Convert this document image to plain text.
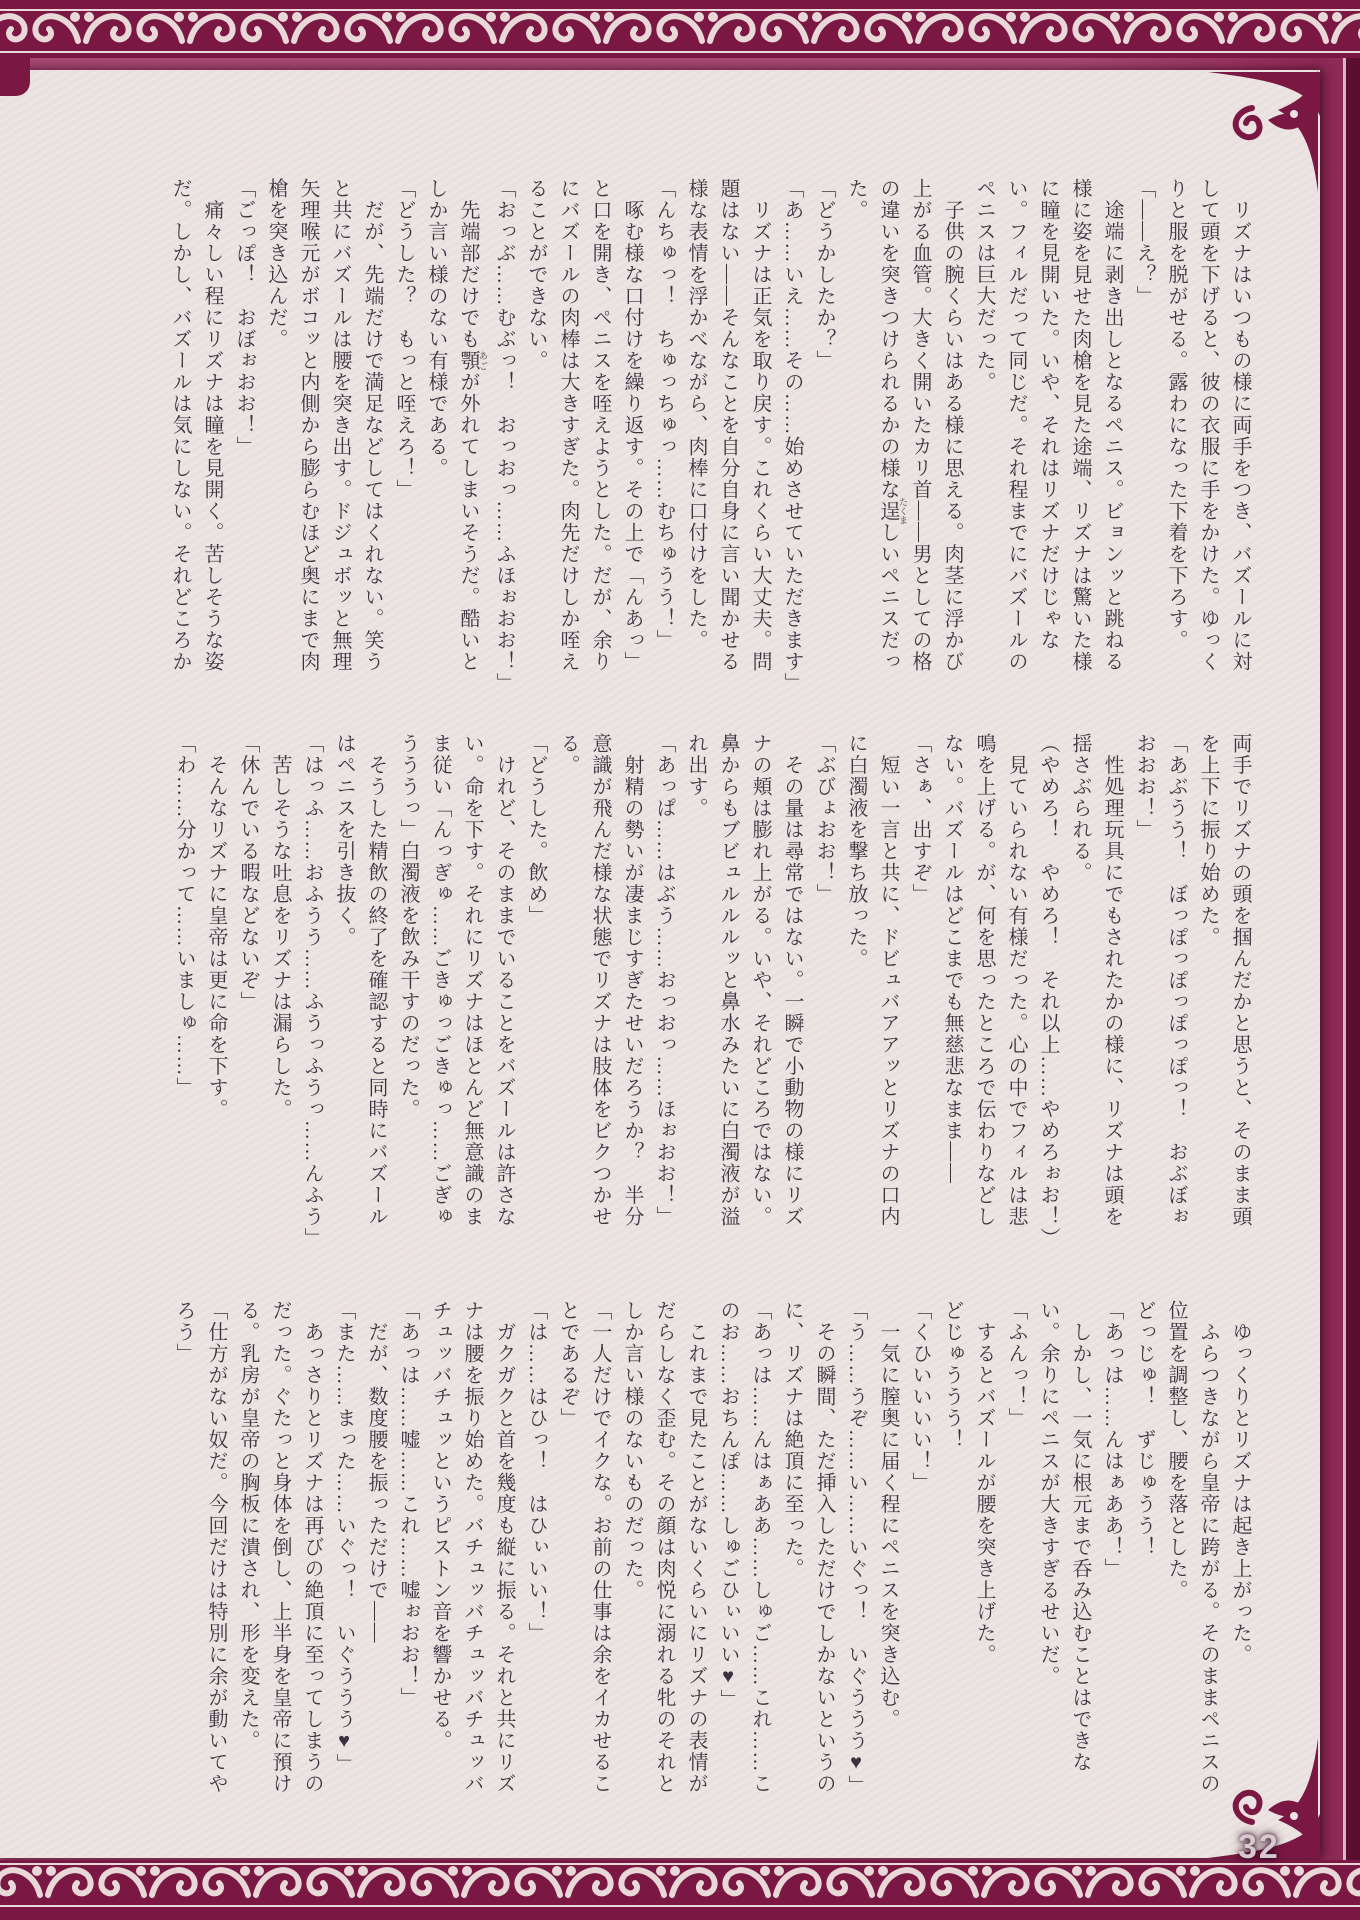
32

　リズナはいつもの様に両手をつき、バズールに対して頭を下げると、彼の衣服に手をかけた。ゆっくりと服を脱がせる。露わになった下着を下ろす。

「――え？」

　途端に剥き出しとなるペニス。ビョンッと跳ねる様に姿を見せた肉槍を見た途端、リズナは驚いた様に瞳を見開いた。いや、それはリズナだけじゃない。フィルだって同じだ。それ程までにバズールのペニスは巨大だった。

　子供の腕くらいはある様に思える。肉茎に浮かび上がる血管。大きく開いたカリ首――男としての格の違いを突きつけられるかの様な逞 たくましいペニスだった。

「どうかしたか？」

「あ……いえ……その……始めさせていただきます」

　リズナは正気を取り戻す。これくらい大丈夫。問題はない――そんなことを自分自身に言い聞かせる様な表情を浮かべながら、肉棒に口付けをした。

「んちゅっ！　ちゅっちゅっ……むちゅうう！」

　啄む様な口付けを繰り返す。その上で「んあっ」と口を開き、ペニスを咥えようとした。だが、余りにバズールの肉棒は大きすぎた。肉先だけしか咥えることができない。

「おっぶ……むぶっ！　おっおっ……ふほぉおお！」

　先端部だけでも顎 あごが外れてしまいそうだ。酷いとしか言い様のない有様である。

「どうした？　もっと咥えろ！」

　だが、先端だけで満足などしてはくれない。笑うと共にバズールは腰を突き出す。ドジュボッと無理矢理喉元がボコッと内側から膨らむほど奥にまで肉槍を突き込んだ。

「ごっぽ！　おぼぉおお！」

　痛々しい程にリズナは瞳を見開く。苦しそうな姿だ。しかし、バズールは気にしない。それどころか

両手でリズナの頭を掴んだかと思うと、そのまま頭を上下に振り始めた。

「あぶうう！　ぼっぽっぽっぽっぽっ！　おぶぼぉおおお！」

　性処理玩具にでもされたかの様に、リズナは頭を揺さぶられる。

（やめろ！　やめろ！　それ以上……やめろぉお！）

　見ていられない有様だった。心の中でフィルは悲鳴を上げる。が、何を思ったところで伝わりなどしない。バズールはどこまでも無慈悲なまま――

「さぁ、出すぞ」

　短い一言と共に、ドビュバアアッとリズナの口内に白濁液を撃ち放った。

「ぶびょおお！」

　その量は尋常ではない。一瞬で小動物の様にリズナの頬は膨れ上がる。いや、それどころではない。鼻からもブビュルルルッと鼻水みたいに白濁液が溢れ出す。

「あっぱ……はぶう……おっおっ……ほぉおお！」

　射精の勢いが凄まじすぎたせいだろうか？　半分意識が飛んだ様な状態でリズナは肢体をビクつかせる。

「どうした。飲め」

　けれど、そのままでいることをバズールは許さない。命を下す。それにリズナはほとんど無意識のまま従い「んっぎゅ……ごきゅっごきゅっ……ごぎゅうううっ」白濁液を飲み干すのだった。

　そうした精飲の終了を確認すると同時にバズールはペニスを引き抜く。

「はっふ……おふうう……ふうっふうっ……んふう」

　苦しそうな吐息をリズナは漏らした。

「休んでいる暇などないぞ」

　そんなリズナに皇帝は更に命を下す。

「わ……分かって……いましゅ……」

　ゆっくりとリズナは起き上がった。

　ふらつきながら皇帝に跨がる。そのままペニスの位置を調整し、腰を落とした。

どっじゅ！　ずじゅうう！

「あっは……んはぁああ！」

　しかし、一気に根元まで呑み込むことはできない。余りにペニスが大きすぎるせいだ。

「ふんっ！」

　するとバズールが腰を突き上げた。

どじゅううう！

「くひいいいい！」

　一気に膣奥に届く程にペニスを突き込む。

「う……うぞ……い……いぐっ！　いぐううう♥」

　その瞬間、ただ挿入しただけでしかないというのに、リズナは絶頂に至った。

「あっは……んはぁああ……しゅご……これ……このお……おちんぽ……しゅごひぃいい♥」

　これまで見たことがないくらいにリズナの表情がだらしなく歪む。その顔は肉悦に溺れる牝のそれとしか言い様のないものだった。

「一人だけでイクな。お前の仕事は余をイカせることであるぞ」

「は……はひっ！　はひぃいい！」

　ガクガクと首を幾度も縦に振る。それと共にリズナは腰を振り始めた。バチュッバチュッバチュッバチュッバチュッというピストン音を響かせる。

「あっは……嘘……これ……嘘ぉおお！」

　だが、数度腰を振っただけで――

「また……まった……いぐっ！　いぐううう♥」

　あっさりとリズナは再びの絶頂に至ってしまうのだった。ぐたっと身体を倒し、上半身を皇帝に預ける。乳房が皇帝の胸板に潰され、形を変えた。

「仕方がない奴だ。今回だけは特別に余が動いてやろう」
